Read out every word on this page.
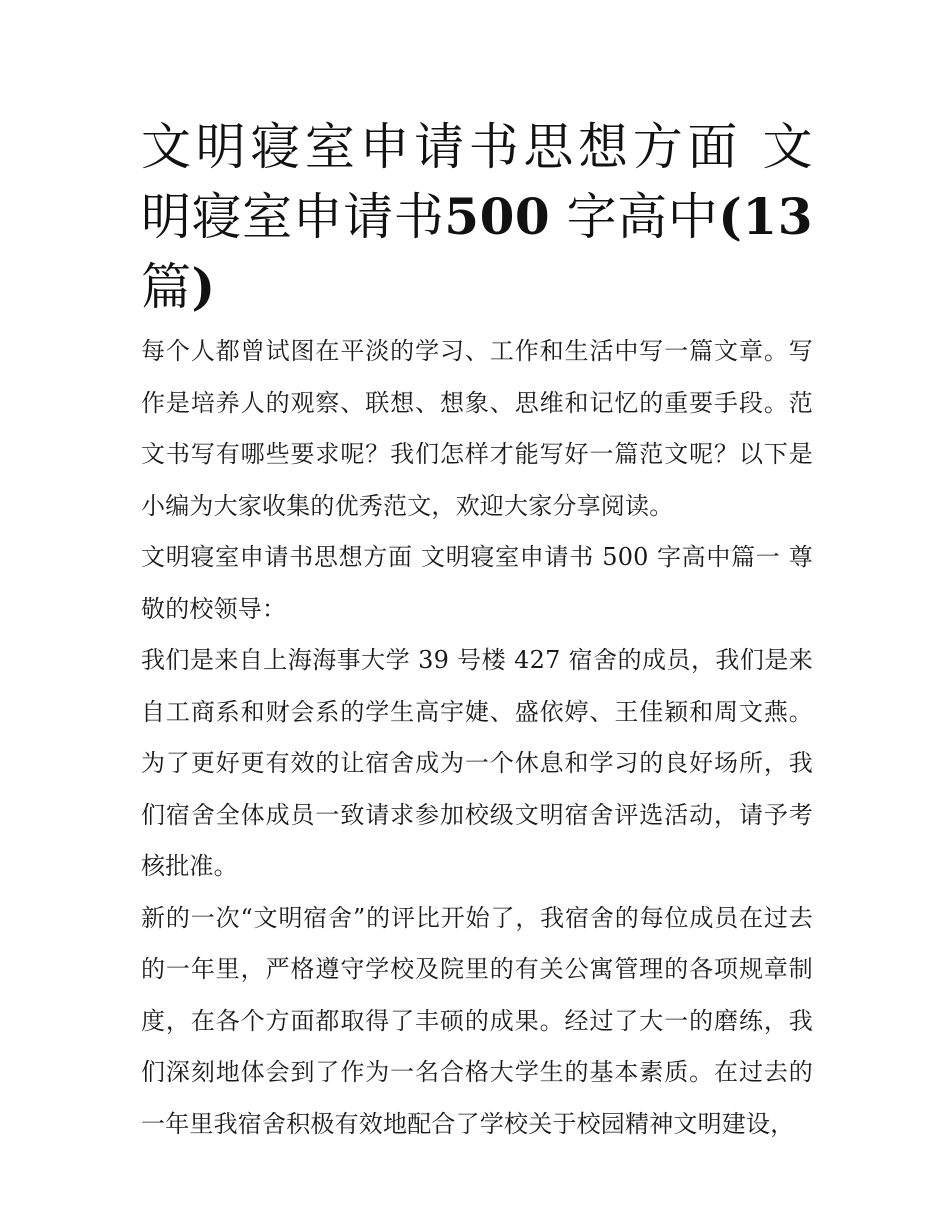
文明寝室申请书思想方面 文明寝室申请书500 字高中(13 篇)

每个人都曾试图在平淡的学习、工作和生活中写一篇文章。写作是培养人的观察、联想、想象、思维和记忆的重要手段。范文书写有哪些要求呢？我们怎样才能写好一篇范文呢？以下是小编为大家收集的优秀范文，欢迎大家分享阅读。

文明寝室申请书思想方面 文明寝室申请书 500 字高中篇一 尊敬的校领导：

我们是来自上海海事大学 39 号楼 427 宿舍的成员，我们是来自工商系和财会系的学生高宇婕、盛依婷、王佳颖和周文燕。为了更好更有效的让宿舍成为一个休息和学习的良好场所，我们宿舍全体成员一致请求参加校级文明宿舍评选活动，请予考核批准。

新的一次“文明宿舍”的评比开始了，我宿舍的每位成员在过去的一年里，严格遵守学校及院里的有关公寓管理的各项规章制度，在各个方面都取得了丰硕的成果。经过了大一的磨练，我们深刻地体会到了作为一名合格大学生的基本素质。在过去的一年里我宿舍积极有效地配合了学校关于校园精神文明建设，
